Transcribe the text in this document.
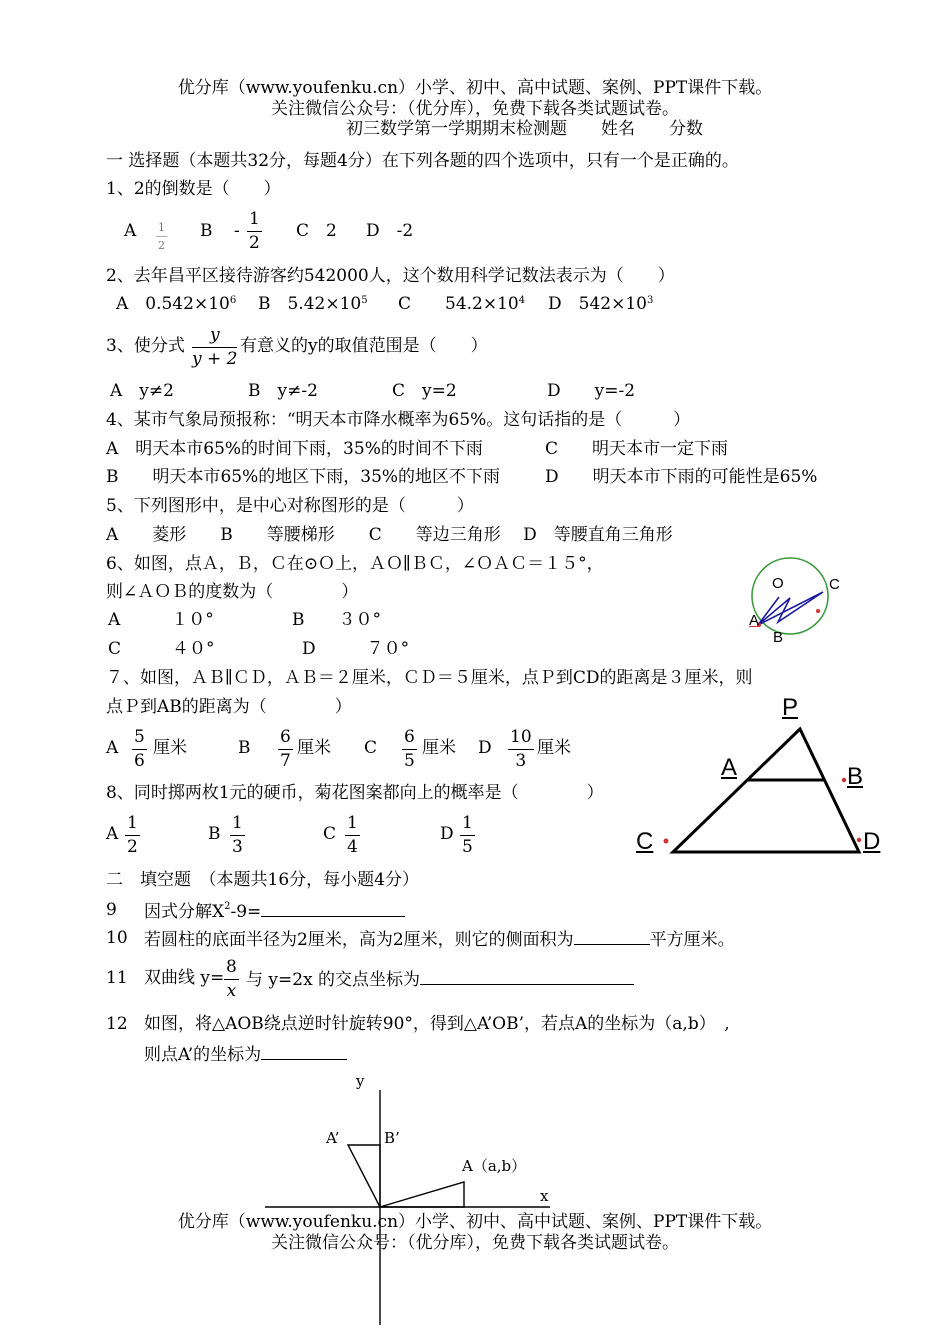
优分库（www.youfenku.cn）小学、初中、高中试题、案例、PPT课件下载。
关注微信公众号：（优分库），免费下载各类试题试卷。
初三数学第一学期期末检测题　　 姓名　　 分数
一 选择题（本题共32分，每题4分）在下列各题的四个选项中，只有一个是正确的。
1、2的倒数是（　　）
A $\frac{1}{2}$ B - $\frac{1}{2}$ C　2 D　-2
2、去年昌平区接待游客约542000人，这个数用科学记数法表示为（　　）
A　$0.542\times 10^6$ B　$5.42\times 10^5$ C　　$54.2\times 10^4$ D　$542\times 10^3$
3、使分式 $\frac{y}{y + 2}$ 有意义的y的取值范围是（　　）
A　y≠2	B　y≠-2	C　y=2	D　　y=-2
4、某市气象局预报称：“明天本市降水概率为65%。这句话指的是（　　　）
A　明天本市65%的时间下雨，35%的时间不下雨	C　　明天本市一定下雨
B　　明天本市65%的地区下雨，35%的地区不下雨	D　　明天本市下雨的可能性是65%
5、下列图形中，是中心对称图形的是（　　　）
A　　菱形　　B　　等腰梯形　　C　　等边三角形　 D　等腰直角三角形
6、如图，点Ａ，Ｂ，Ｃ在⊙Ｏ上，ＡＯ∥ＢＣ，∠ＯＡＣ＝１５°，
则∠ＡＯＢ的度数为（　　　　）
A　　　１０°	B　　３０°
C　　　４０°	D　　　７０°
O	C
A
B
７、如图，ＡＢ∥ＣＤ，ＡＢ＝２厘米，ＣＤ＝５厘米，点Ｐ到CD的距离是３厘米，则
点Ｐ到AB的距离为（　　　　）
A $\frac{5}{6}$ 厘米	B $\frac{6}{7}$ 厘米 C $\frac{6}{5}$ 厘米 D $\frac{10}{3}$ 厘米
P
A	B
C	D
8、同时掷两枚1元的硬币，菊花图案都向上的概率是（　　　　）
A $\frac{1}{2}$	B $\frac{1}{3}$	C $\frac{1}{4}$	D $\frac{1}{5}$
二　填空题　（本题共16分，每小题4分）
9 因式分解$X^2-9=$
10 若圆柱的底面半径为2厘米，高为2厘米，则它的侧面积为	平方厘米。
11 双曲线 $y= \frac{8}{x}$ 与 y=2x 的交点坐标为
12 如图，将△AOB绕点逆时针旋转90°，得到△A’OB’，若点A的坐标为（a,b）　,
则点A’的坐标为
y
x
A’	B’
A（a,b）
优分库（www.youfenku.cn）小学、初中、高中试题、案例、PPT课件下载。
关注微信公众号：（优分库），免费下载各类试题试卷。
